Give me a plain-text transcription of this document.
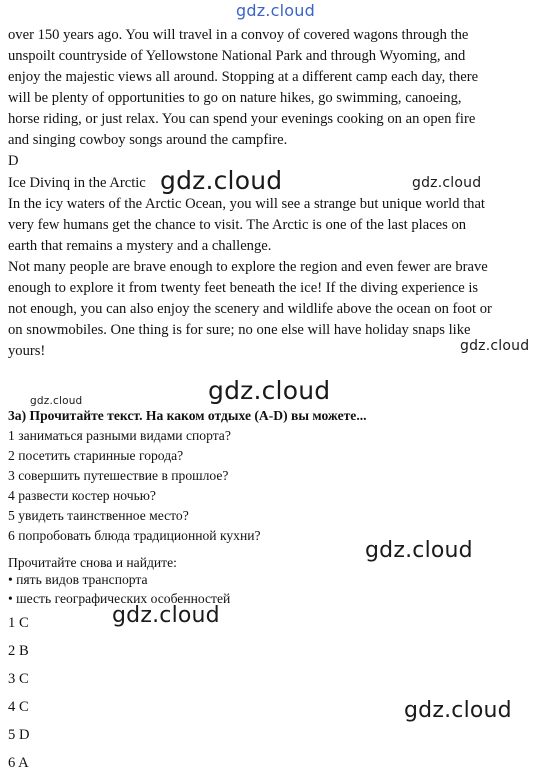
over 150 years ago. You will travel in a convoy of covered wagons through the
unspoilt countryside of Yellowstone National Park and through Wyoming, and
enjoy the majestic views all around. Stopping at a different camp each day, there
will be plenty of opportunities to go on nature hikes, go swimming, canoeing,
horse riding, or just relax. You can spend your evenings cooking on an open fire
and singing cowboy songs around the campfire.
D
Ice Divinq in the Arctic
In the icy waters of the Arctic Ocean, you will see a strange but unique world that
very few humans get the chance to visit. The Arctic is one of the last places on
earth that remains a mystery and a challenge.
Not many people are brave enough to explore the region and even fewer are brave
enough to explore it from twenty feet beneath the ice! If the diving experience is
not enough, you can also enjoy the scenery and wildlife above the ocean on foot or
on snowmobiles. One thing is for sure; no one else will have holiday snaps like
yours!
3а) Прочитайте текст. На каком отдыхе (A-D) вы можете...
1 заниматься разными видами спорта?
2 посетить старинные города?
3 совершить путешествие в прошлое?
4 развести костер ночью?
5 увидеть таинственное место?
6 попробовать блюда традиционной кухни?
Прочитайте снова и найдите:
• пять видов транспорта
• шесть географических особенностей
1 C
2 B
3 C
4 C
5 D
6 A
gdz.cloud
gdz.cloud	gdz.cloud
gdz.cloud
gdz.cloud	gdz.cloud
gdz.cloud
gdz.cloud
gdz.cloud
